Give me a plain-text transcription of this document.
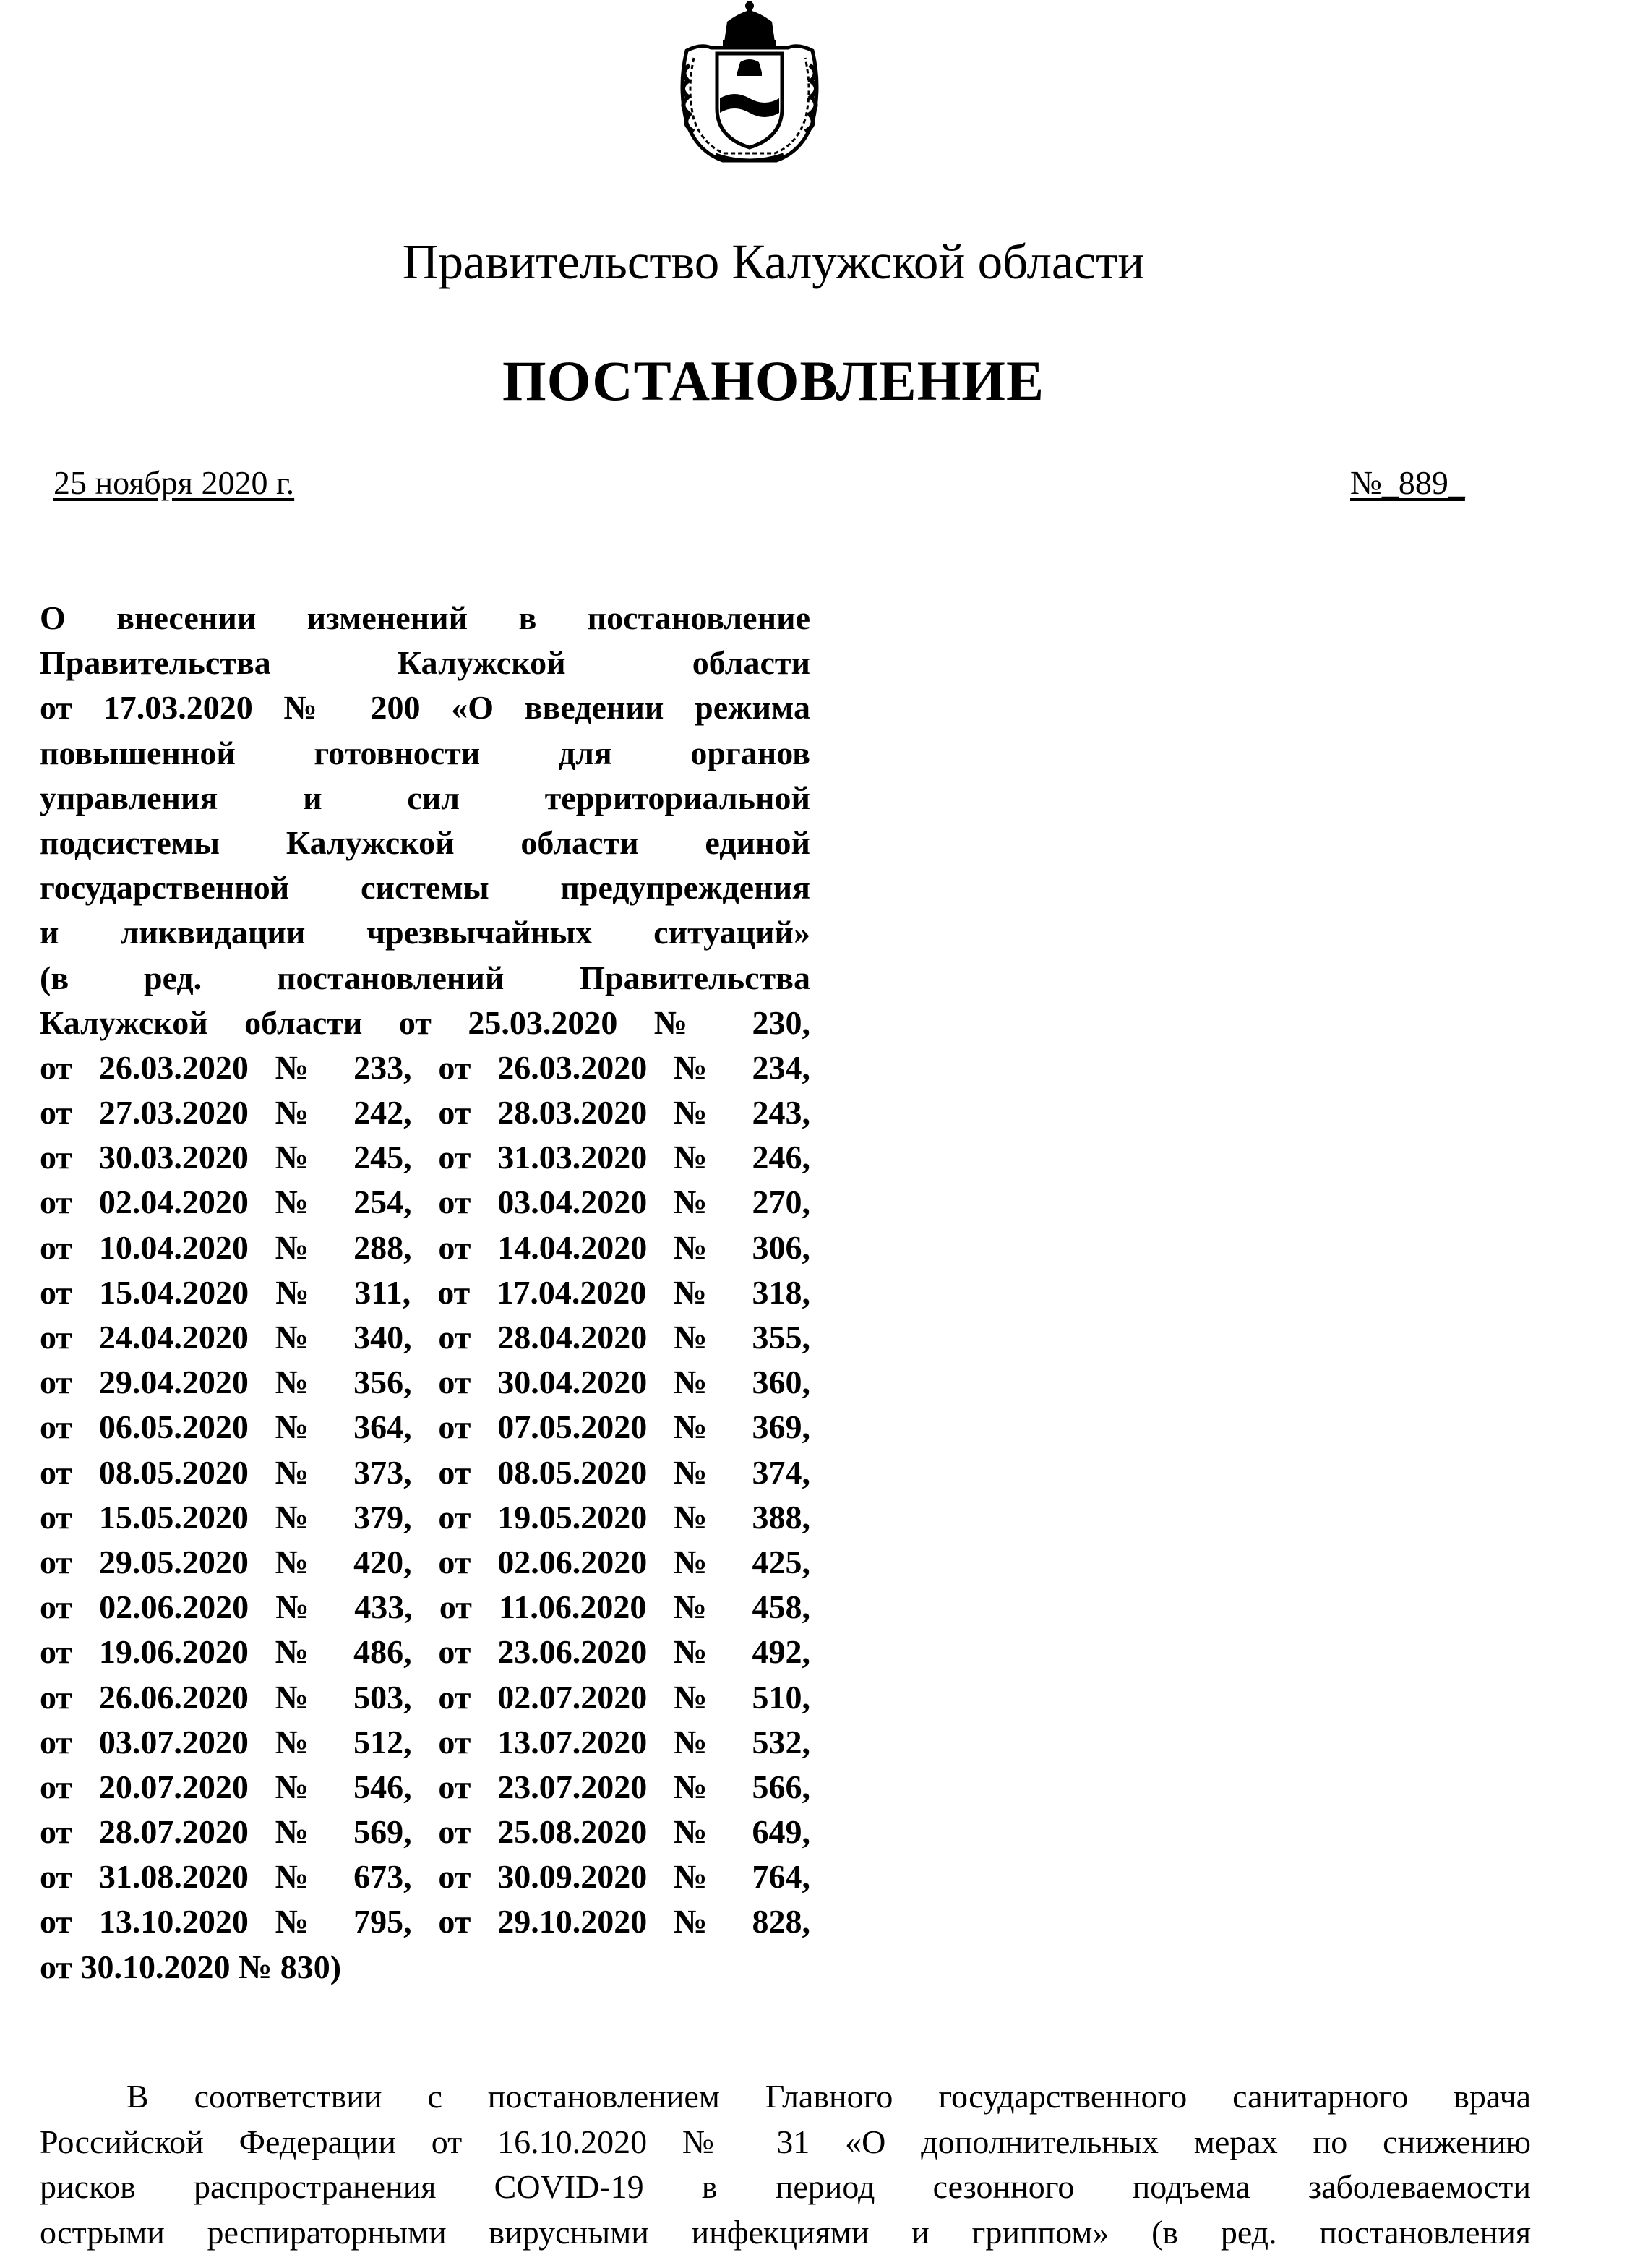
Правительство Калужской области
ПОСТАНОВЛЕНИЕ
25 ноября 2020 г.	№_889_
О внесении изменений в постановление
Правительства Калужской области
от 17.03.2020 № 200 «О введении режима
повышенной готовности для органов
управления и сил территориальной
подсистемы Калужской области единой
государственной системы предупреждения
и ликвидации чрезвычайных ситуаций»
(в ред. постановлений Правительства
Калужской области от 25.03.2020 № 230,
от 26.03.2020 № 233, от 26.03.2020 № 234,
от 27.03.2020 № 242, от 28.03.2020 № 243,
от 30.03.2020 № 245, от 31.03.2020 № 246,
от 02.04.2020 № 254, от 03.04.2020 № 270,
от 10.04.2020 № 288, от 14.04.2020 № 306,
от 15.04.2020 № 311, от 17.04.2020 № 318,
от 24.04.2020 № 340, от 28.04.2020 № 355,
от 29.04.2020 № 356, от 30.04.2020 № 360,
от 06.05.2020 № 364, от 07.05.2020 № 369,
от 08.05.2020 № 373, от 08.05.2020 № 374,
от 15.05.2020 № 379, от 19.05.2020 № 388,
от 29.05.2020 № 420, от 02.06.2020 № 425,
от 02.06.2020 № 433, от 11.06.2020 № 458,
от 19.06.2020 № 486, от 23.06.2020 № 492,
от 26.06.2020 № 503, от 02.07.2020 № 510,
от 03.07.2020 № 512, от 13.07.2020 № 532,
от 20.07.2020 № 546, от 23.07.2020 № 566,
от 28.07.2020 № 569, от 25.08.2020 № 649,
от 31.08.2020 № 673, от 30.09.2020 № 764,
от 13.10.2020 № 795, от 29.10.2020 № 828,
от 30.10.2020 № 830)
В соответствии с постановлением Главного государственного санитарного врача
Российской Федерации от 16.10.2020 № 31 «О дополнительных мерах по снижению
рисков распространения COVID-19 в период сезонного подъема заболеваемости
острыми респираторными вирусными инфекциями и гриппом» (в ред. постановления
